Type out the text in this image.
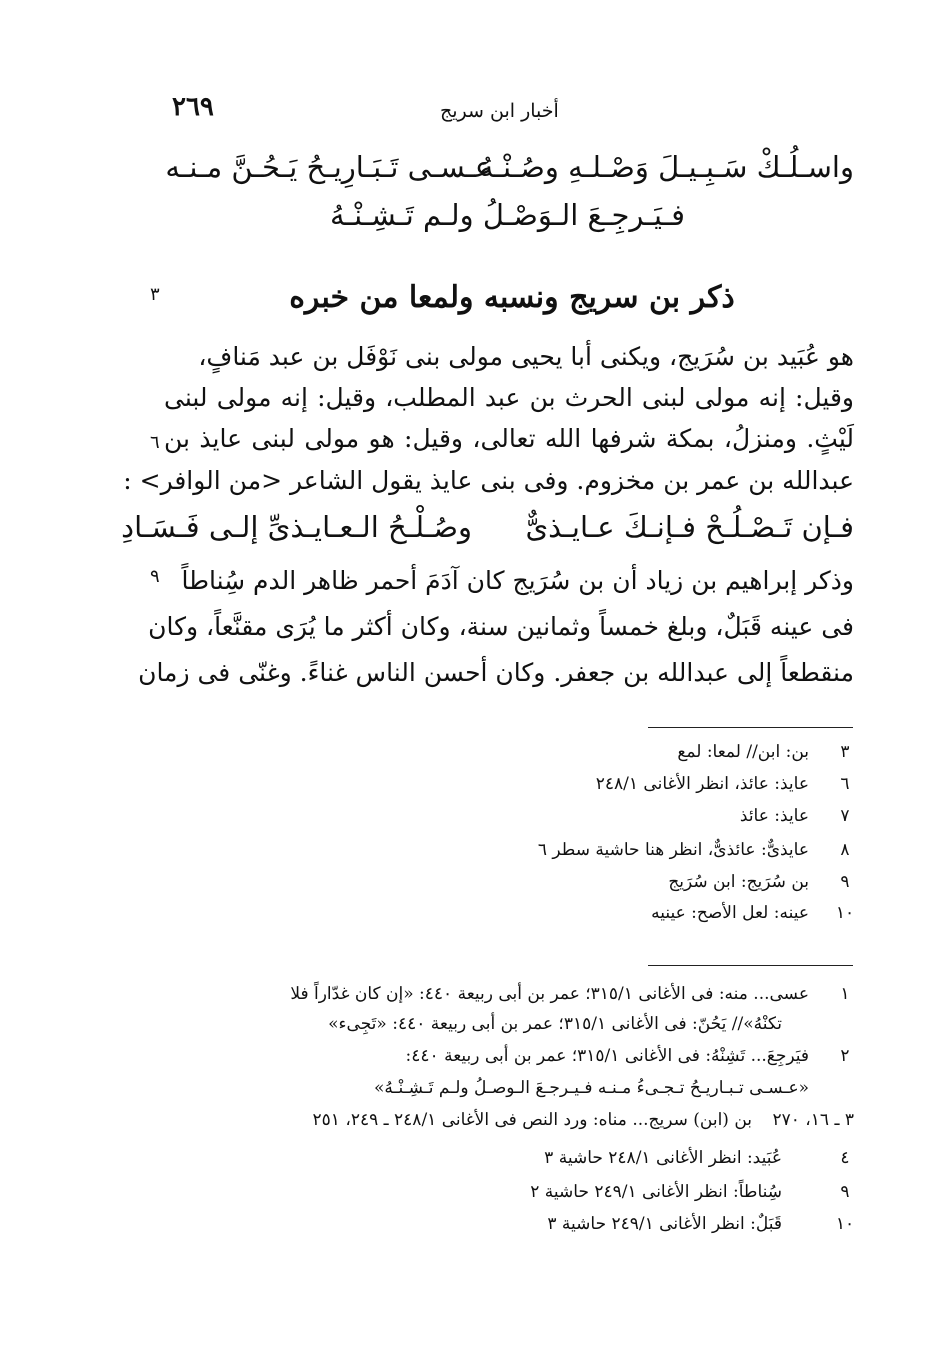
٢٦٩	أخبار ابن سريج
واسـلُـكْ سَـبِـيـلَ وَصْـلـهِ وصُـنْـهُ
عـسـى تَـبَـارِيـحُ يَـحُـنَّ مـنـه
فـيَـرجِـعَ الـوَصْـلُ ولـم تَـشِـنْـهُ
٣	ذكر بن سريج ونسبه ولمعا من خبره
هو عُبَيد بن سُرَيج، ويكنى أبا يحيى مولى بنى نَوْفَل بن عبد مَنافٍ،
وقيل: إنه مولى لبنى الحرث بن عبد المطلب، وقيل: إنه مولى لبنى
لَيْثٍ. ومنزلُ، بمكة شرفها الله تعالى، وقيل: هو مولى لبنى عايذ بن
٦
عبدالله بن عمر بن مخزوم. وفى بنى عايذ يقول الشاعر <من الوافر> :
فـإن تَـصْـلُـحْ فـإنـكَ عـايـذىٌّ
وصُـلْـحُ الـعـايـذىِّ إلـى فَـسَـادِ
٩ وذكر إبراهيم بن زياد أن بن سُرَيج كان آدَمَ أحمر ظاهر الدم سُِناطاً
فى عينه قَبَلٌ، وبلغ خمساً وثمانين سنة، وكان أكثر ما يُرَى مقنَّعاً، وكان
منقطعاً إلى عبدالله بن جعفر. وكان أحسن الناس غناءً. وغنّى فى زمان
٣
بن: ابن// لمعا: لمع
٦
عايذ: عائذ، انظر الأغانى ٢٤٨/١
٧
عايذ: عائذ
٨
عايذىٌّ: عائذىٌّ، انظر هنا حاشية سطر ٦
٩
بن سُرَيج: ابن سُرَيج
١٠
عينه: لعل الأصح: عينيه
١
عسى... منه: فى الأغانى ٣١٥/١؛ عمر بن أبى ربيعة ٤٤٠: «إن كان غدّاراً فلا
تكنْهُ»// يَحُنّ: فى الأغانى ٣١٥/١؛ عمر بن أبى ربيعة ٤٤٠: «تَجِىء»
٢
فيَرجِعَ... تَشِنْهُ: فى الأغانى ٣١٥/١؛ عمر بن أبى ربيعة ٤٤٠:
«عـسـى تـبـاريـحُ تـجـىءُ مـنـه فـيـرجـعَ الـوصـلُ ولـم تَـشِـنْـهُ»
٣ ـ ١٦، ٢٧٠
بن (ابن) سريج... مناه: ورد النص فى الأغانى ٢٤٨/١ ـ ٢٤٩، ٢٥١
٤
عُبَيد: انظر الأغانى ٢٤٨/١ حاشية ٣
٩
سُِناطاً: انظر الأغانى ٢٤٩/١ حاشية ٢
١٠
قَبَلٌ: انظر الأغانى ٢٤٩/١ حاشية ٣
